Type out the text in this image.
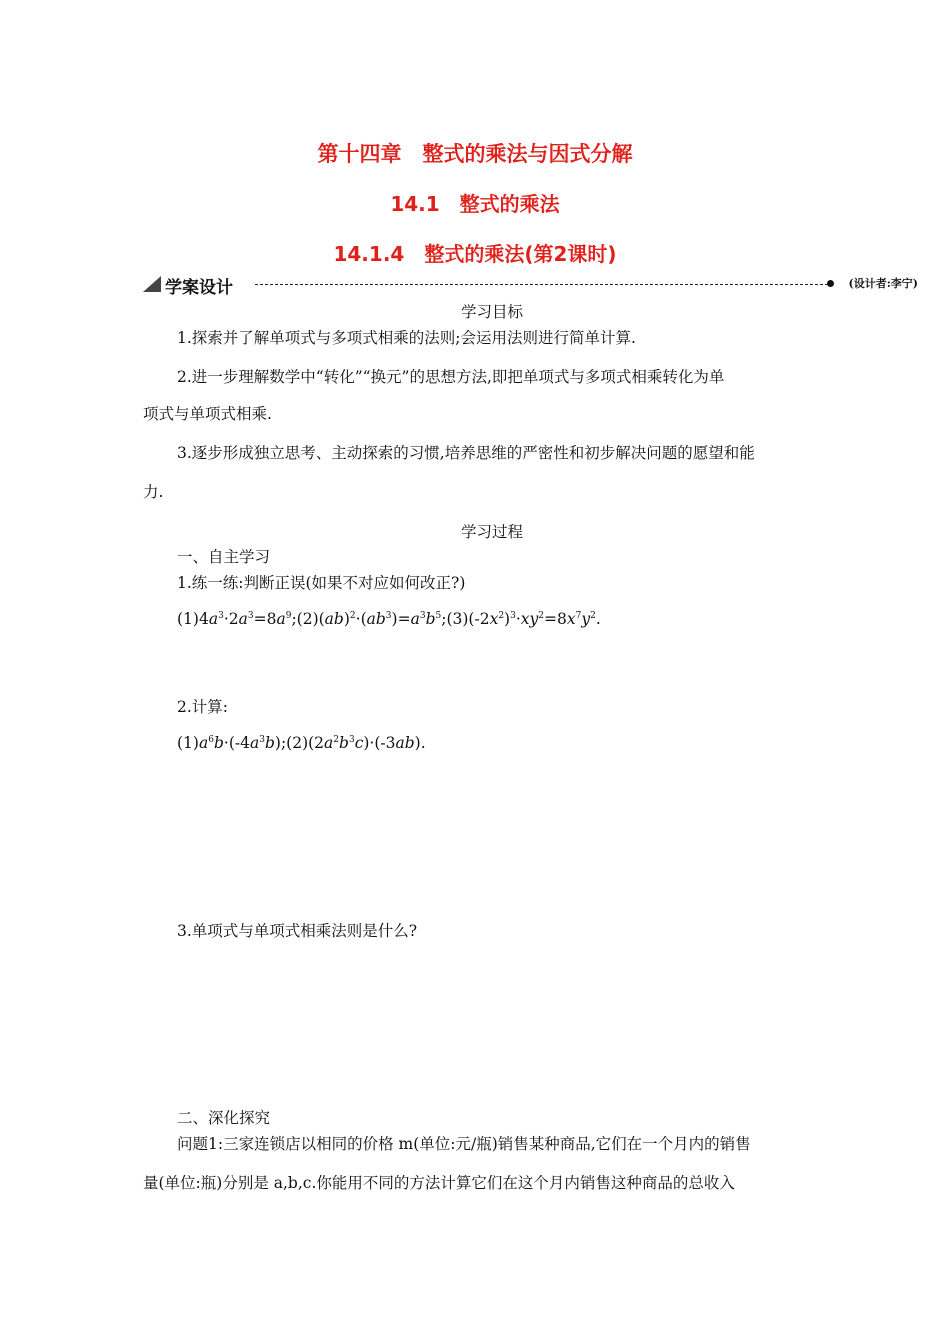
第十四章　整式的乘法与因式分解
14.1　整式的乘法
14.1.4　整式的乘法(第2课时)
学案设计	(设计者:李宁)
学习目标
1.探索并了解单项式与多项式相乘的法则;会运用法则进行简单计算.
2.进一步理解数学中“转化”“换元”的思想方法,即把单项式与多项式相乘转化为单
项式与单项式相乘.
3.逐步形成独立思考、主动探索的习惯,培养思维的严密性和初步解决问题的愿望和能
力.
学习过程
一、自主学习
1.练一练:判断正误(如果不对应如何改正?)
$(1)4a^3\cdot 2a^3=8a^9;(2)(ab)^2\cdot(ab^3)=a^3b^5;(3)(-2x^2)^3\cdot xy^2=8x^7y^2$.
2.计算:
$(1)a^6b\cdot(-4a^3b);(2)(2a^2b^3c)\cdot(-3ab)$.
3.单项式与单项式相乘法则是什么?
二、深化探究
问题1:三家连锁店以相同的价格 m(单位:元/瓶)销售某种商品,它们在一个月内的销售
量(单位:瓶)分别是 a,b,c.你能用不同的方法计算它们在这个月内销售这种商品的总收入
